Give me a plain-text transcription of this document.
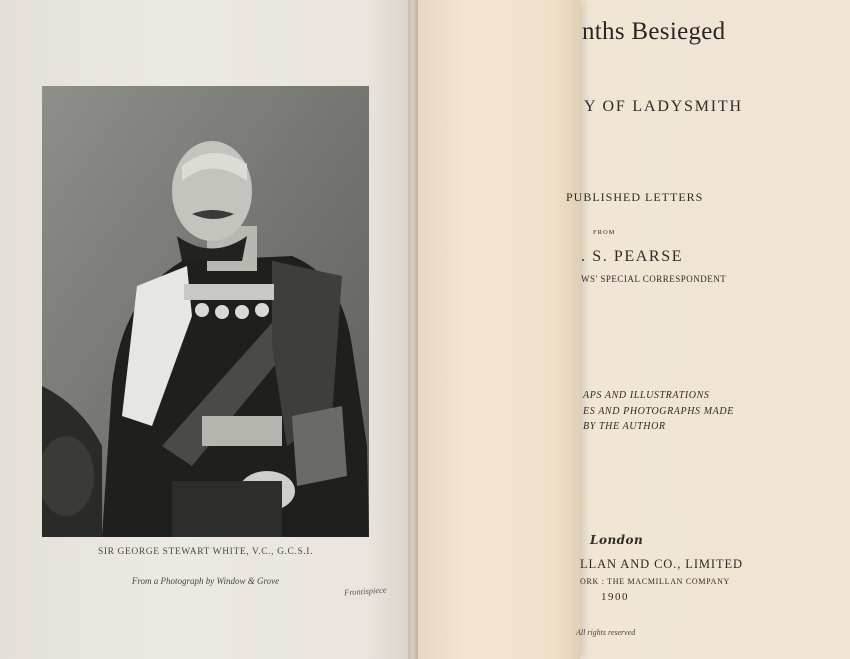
SIR GEORGE STEWART WHITE, V.C., G.C.S.I.
From a Photograph by Window & Grove
Frontispiece
nths Besieged
Y OF LADYSMITH
PUBLISHED LETTERS
FROM
. S. PEARSE
WS' SPECIAL CORRESPONDENT
APS AND ILLUSTRATIONS
ES AND PHOTOGRAPHS MADE
BY THE AUTHOR
London
LLAN AND CO., LIMITED
ORK : THE MACMILLAN COMPANY
1900
All rights reserved
